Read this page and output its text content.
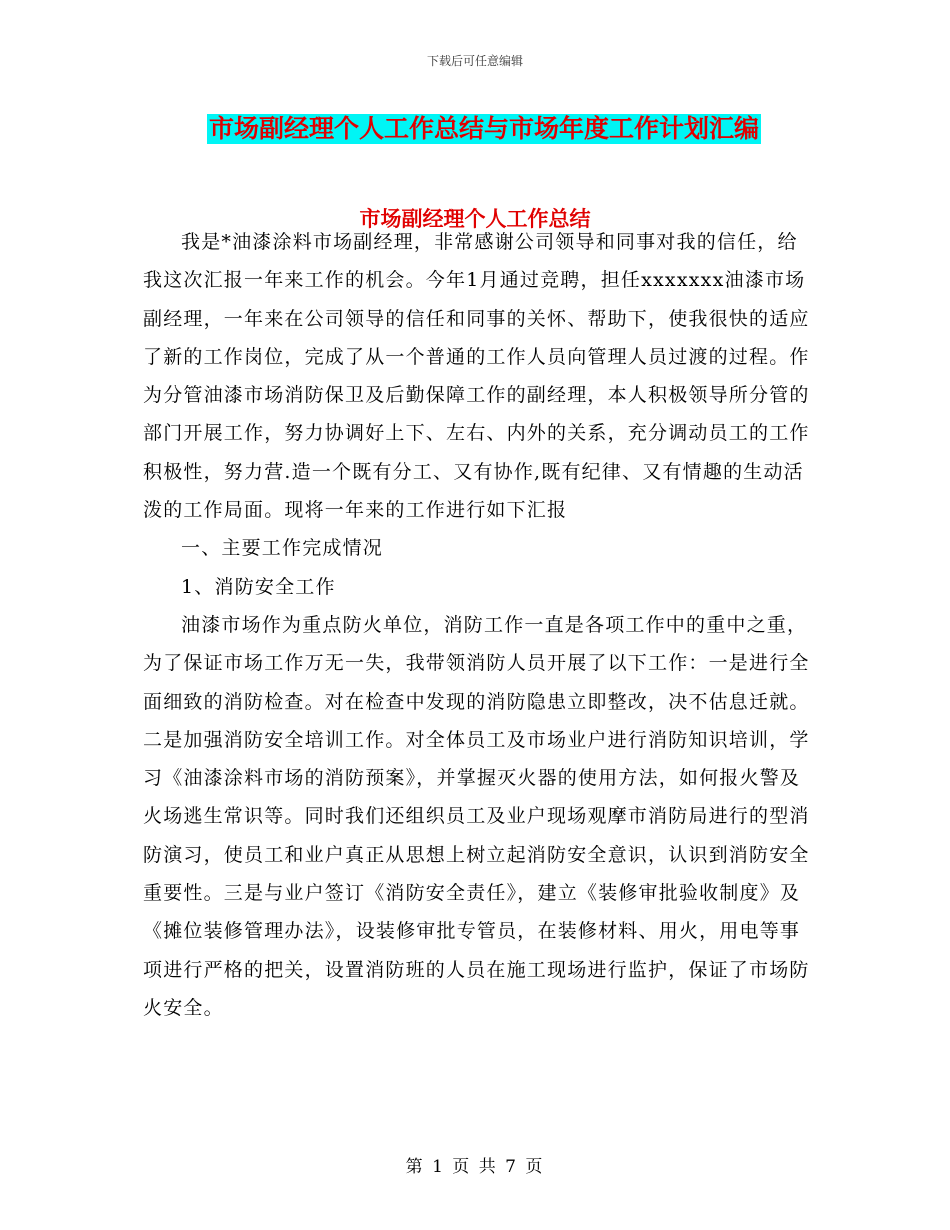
下载后可任意编辑
市场副经理个人工作总结与市场年度工作计划汇编
市场副经理个人工作总结

我是*油漆涂料市场副经理，非常感谢公司领导和同事对我的信任，给我这次汇报一年来工作的机会。今年1月通过竞聘，担任xxxxxxx油漆市场副经理，一年来在公司领导的信任和同事的关怀、帮助下，使我很快的适应了新的工作岗位，完成了从一个普通的工作人员向管理人员过渡的过程。作为分管油漆市场消防保卫及后勤保障工作的副经理，本人积极领导所分管的部门开展工作，努力协调好上下、左右、内外的关系，充分调动员工的工作积极性，努力营.造一个既有分工、又有协作,既有纪律、又有情趣的生动活泼的工作局面。现将一年来的工作进行如下汇报

一、主要工作完成情况

1、消防安全工作

油漆市场作为重点防火单位，消防工作一直是各项工作中的重中之重，为了保证市场工作万无一失，我带领消防人员开展了以下工作：一是进行全面细致的消防检查。对在检查中发现的消防隐患立即整改，决不估息迁就。二是加强消防安全培训工作。对全体员工及市场业户进行消防知识培训，学习《油漆涂料市场的消防预案》，并掌握灭火器的使用方法，如何报火警及火场逃生常识等。同时我们还组织员工及业户现场观摩市消防局进行的型消防演习，使员工和业户真正从思想上树立起消防安全意识，认识到消防安全重要性。三是与业户签订《消防安全责任》，建立《装修审批验收制度》及《摊位装修管理办法》，设装修审批专管员，在装修材料、用火，用电等事项进行严格的把关，设置消防班的人员在施工现场进行监护，保证了市场防火安全。

第 1 页 共 7 页
